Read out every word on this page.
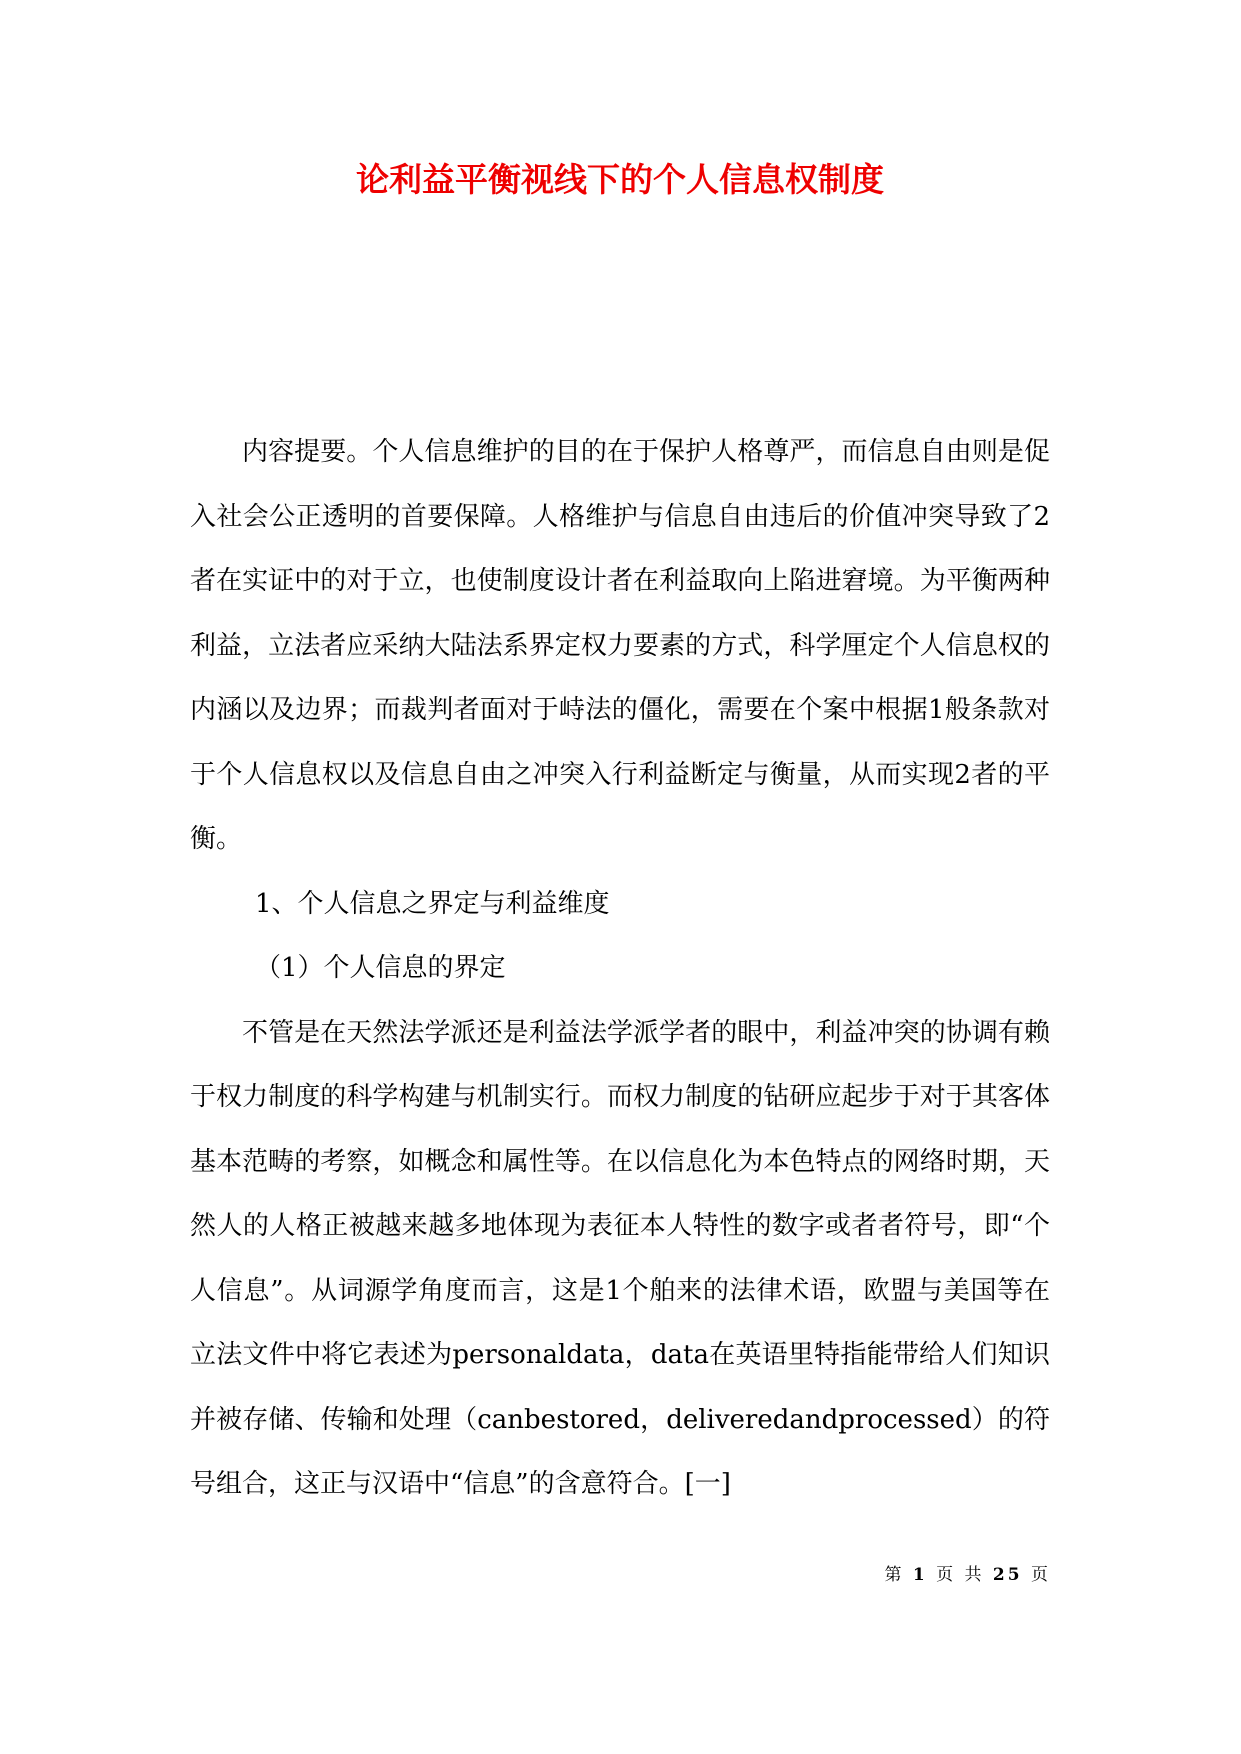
论利益平衡视线下的个人信息权制度

内容提要。个人信息维护的目的在于保护人格尊严，而信息自由则是促入社会公正透明的首要保障。人格维护与信息自由违后的价值冲突导致了2者在实证中的对于立，也使制度设计者在利益取向上陷进窘境。为平衡两种利益，立法者应采纳大陆法系界定权力要素的方式，科学厘定个人信息权的内涵以及边界；而裁判者面对于峙法的僵化，需要在个案中根据1般条款对于个人信息权以及信息自由之冲突入行利益断定与衡量，从而实现2者的平衡。

1、个人信息之界定与利益维度

（1）个人信息的界定

不管是在天然法学派还是利益法学派学者的眼中，利益冲突的协调有赖于权力制度的科学构建与机制实行。而权力制度的钻研应起步于对于其客体基本范畴的考察，如概念和属性等。在以信息化为本色特点的网络时期，天然人的人格正被越来越多地体现为表征本人特性的数字或者者符号，即“个人信息”。从词源学角度而言，这是1个舶来的法律术语，欧盟与美国等在立法文件中将它表述为personaldata，data在英语里特指能带给人们知识并被存储、传输和处理（canbestored，deliveredandprocessed）的符号组合，这正与汉语中“信息”的含意符合。[一]

第 1 页 共 25 页
